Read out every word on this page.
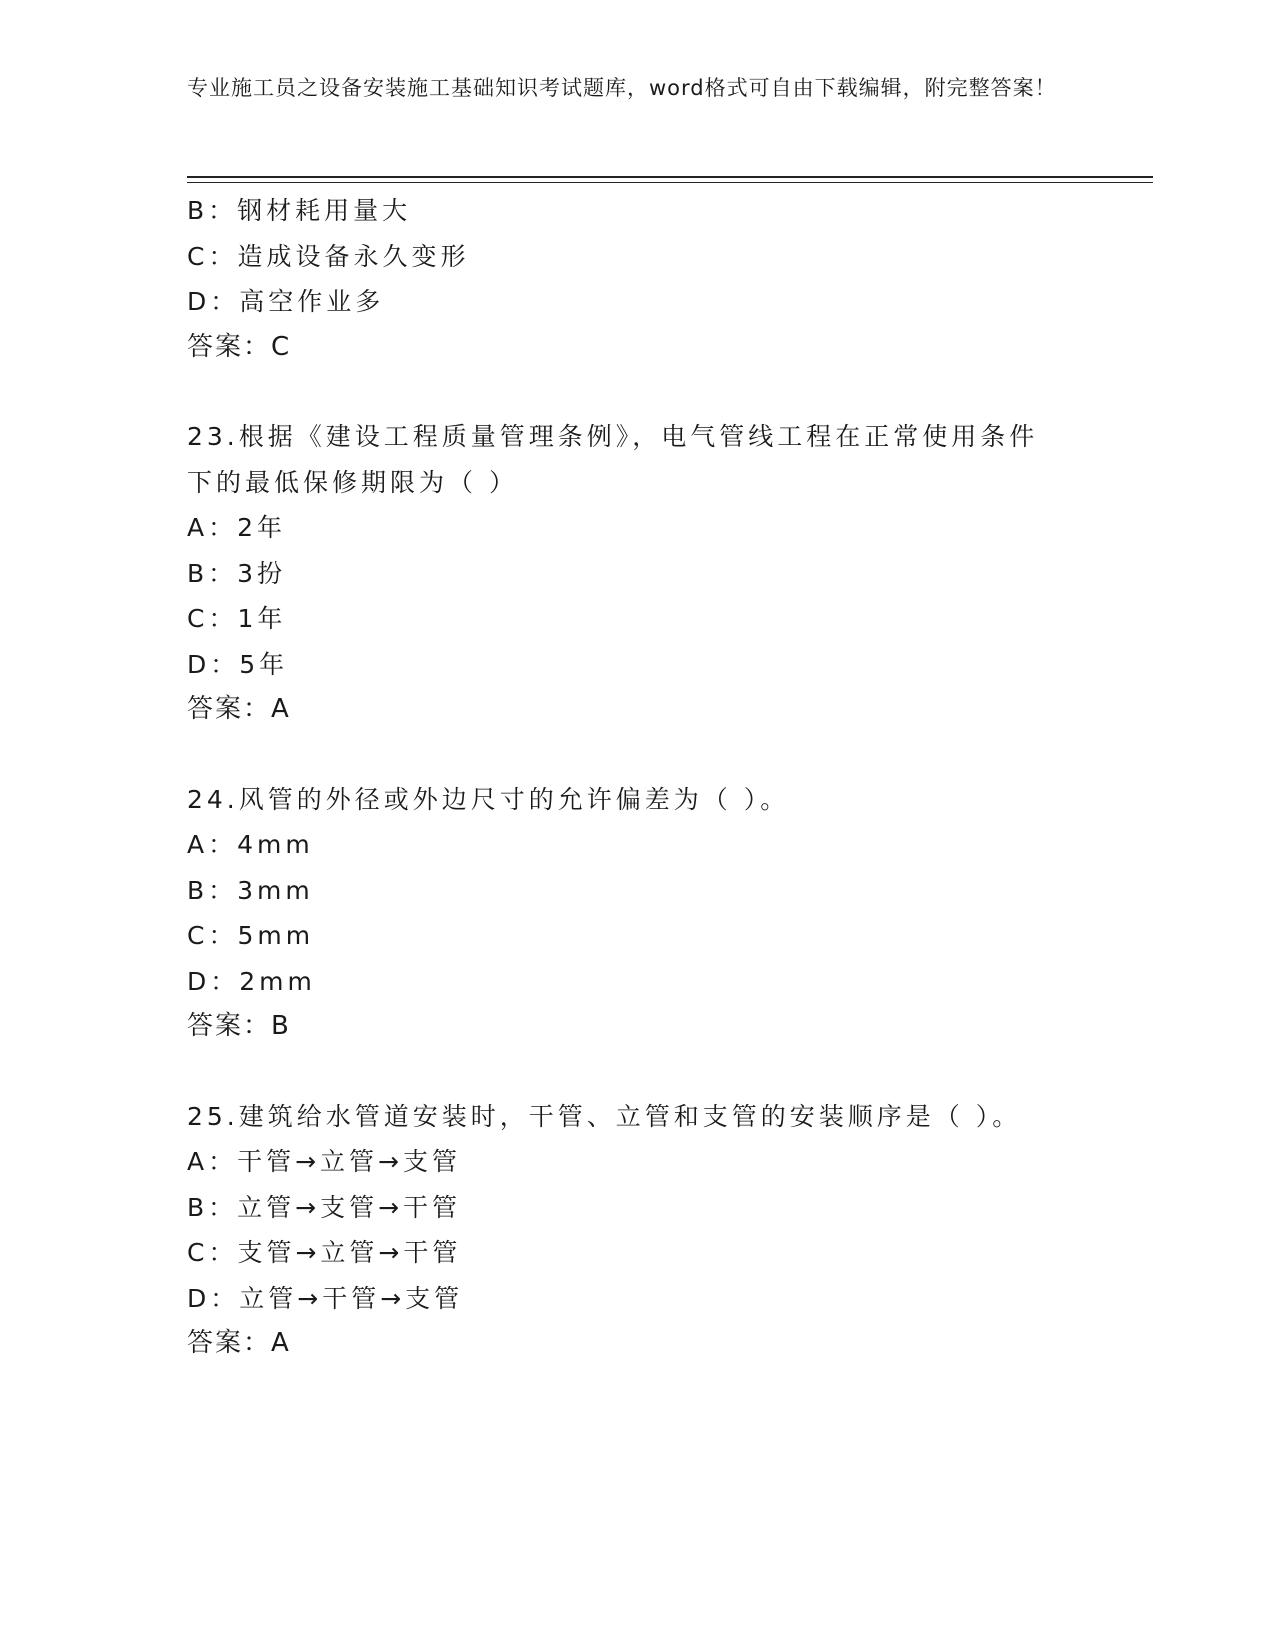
专业施工员之设备安装施工基础知识考试题库，word格式可自由下载编辑，附完整答案！
B：钢材耗用量大
C：造成设备永久变形
D：高空作业多
答案：C
23.根据《建设工程质量管理条例》，电气管线工程在正常使用条件下的最低保修期限为（ ）
A：2年
B：3扮
C：1年
D：5年
答案：A
24.风管的外径或外边尺寸的允许偏差为（ ）。
A：4mm
B：3mm
C：5mm
D：2mm
答案：B
25.建筑给水管道安装时，干管、立管和支管的安装顺序是（ ）。
A：干管→立管→支管
B：立管→支管→干管
C：支管→立管→干管
D：立管→干管→支管
答案：A
